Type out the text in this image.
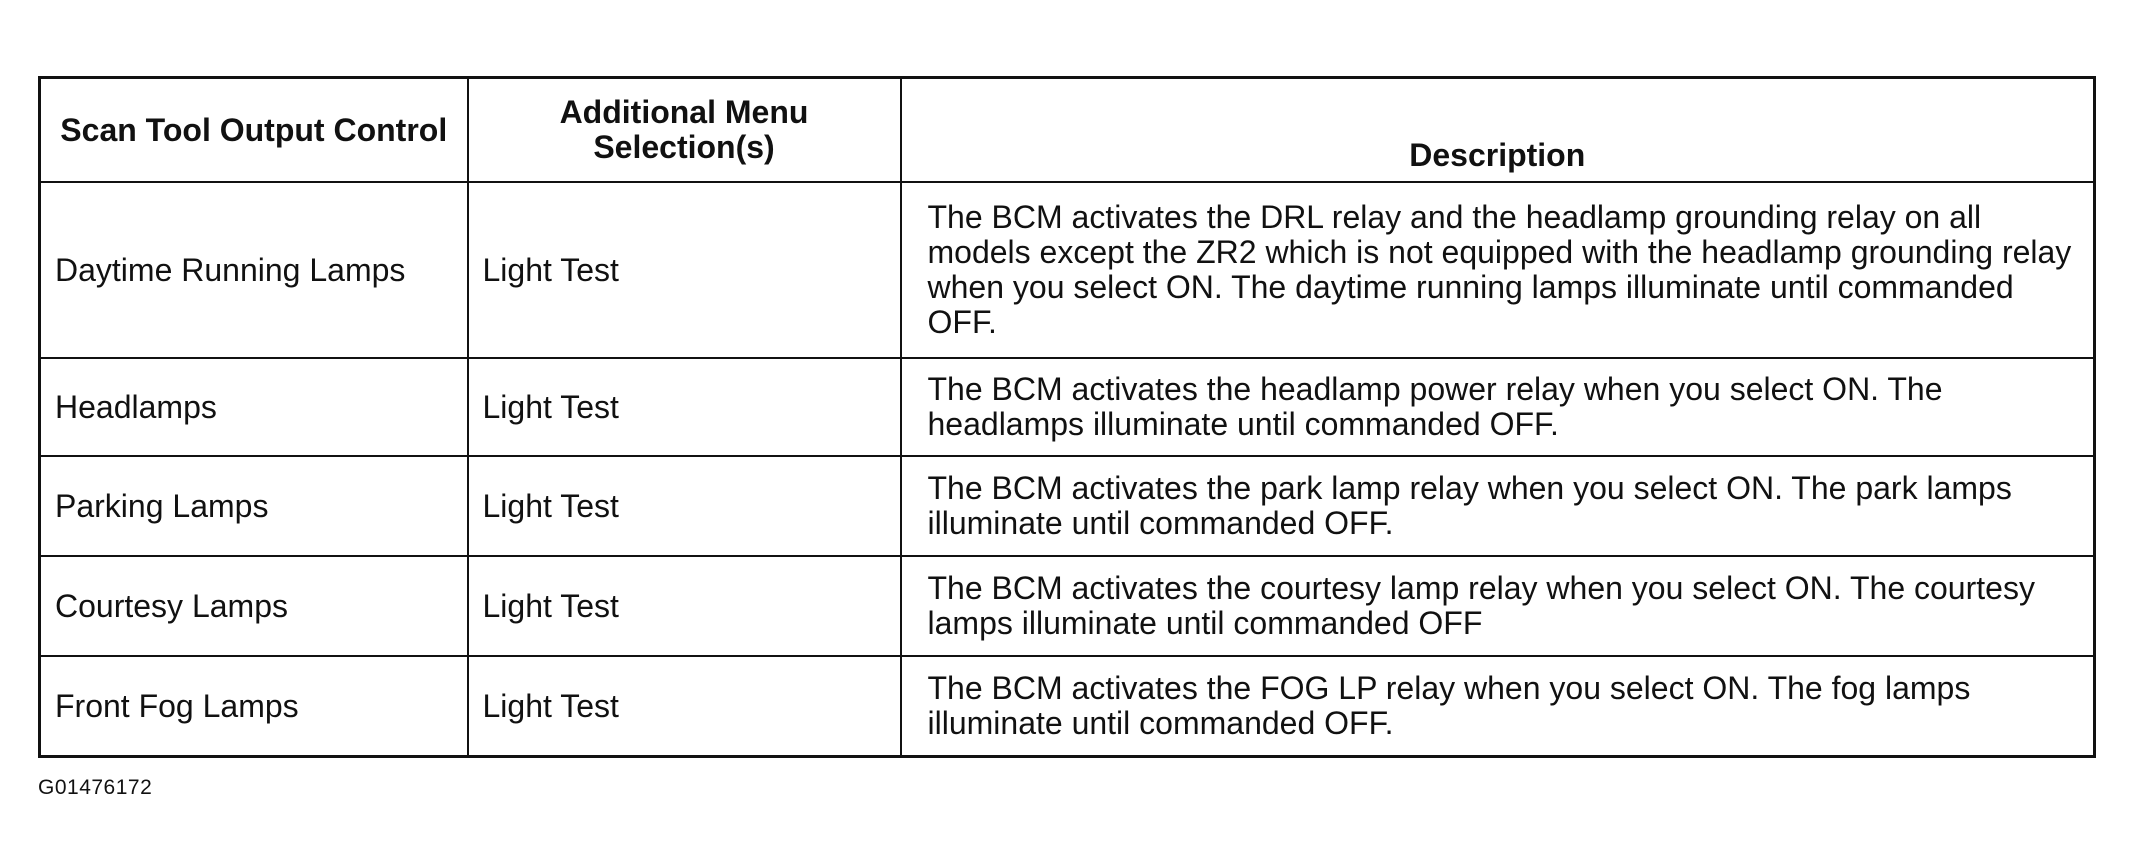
Scan Tool Output Control	Additional Menu Selection(s)	Description
Daytime Running Lamps	Light Test	The BCM activates the DRL relay and the headlamp grounding relay on all models except the ZR2 which is not equipped with the headlamp grounding relay when you select ON. The daytime running lamps illuminate until commanded OFF.
Headlamps	Light Test	The BCM activates the headlamp power relay when you select ON. The headlamps illuminate until commanded OFF.
Parking Lamps	Light Test	The BCM activates the park lamp relay when you select ON. The park lamps illuminate until commanded OFF.
Courtesy Lamps	Light Test	The BCM activates the courtesy lamp relay when you select ON. The courtesy lamps illuminate until commanded OFF
Front Fog Lamps	Light Test	The BCM activates the FOG LP relay when you select ON. The fog lamps illuminate until commanded OFF.
G01476172
